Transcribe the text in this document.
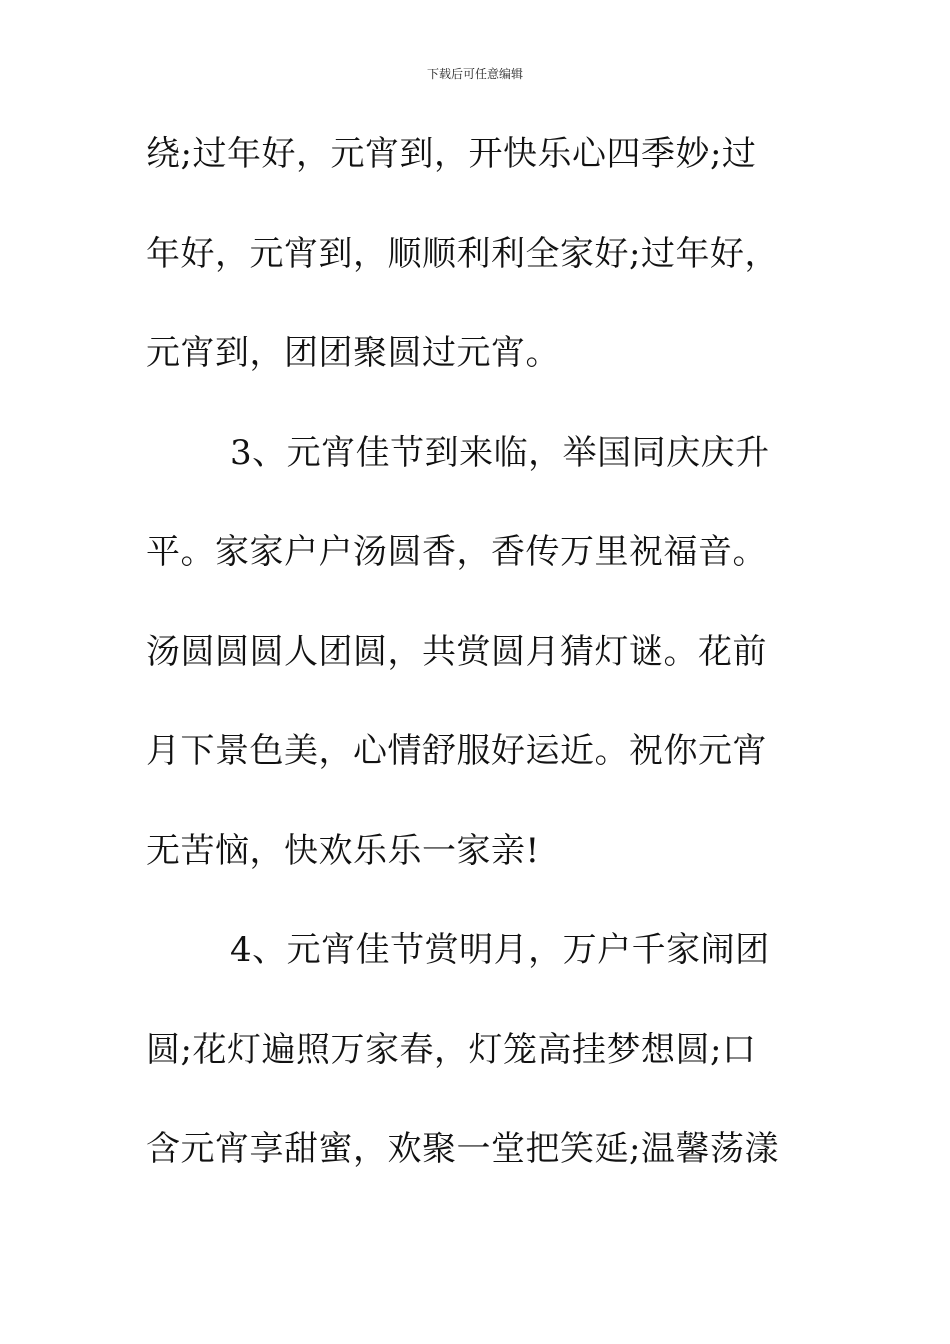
下载后可任意编辑
绕;过年好，元宵到，开快乐心四季妙;过
年好，元宵到，顺顺利利全家好;过年好，
元宵到，团团聚圆过元宵。
3、元宵佳节到来临，举国同庆庆升
平。家家户户汤圆香，香传万里祝福音。
汤圆圆圆人团圆，共赏圆月猜灯谜。花前
月下景色美，心情舒服好运近。祝你元宵
无苦恼，快欢乐乐一家亲!
4、元宵佳节赏明月，万户千家闹团
圆;花灯遍照万家春，灯笼高挂梦想圆;口
含元宵享甜蜜，欢聚一堂把笑延;温馨荡漾
